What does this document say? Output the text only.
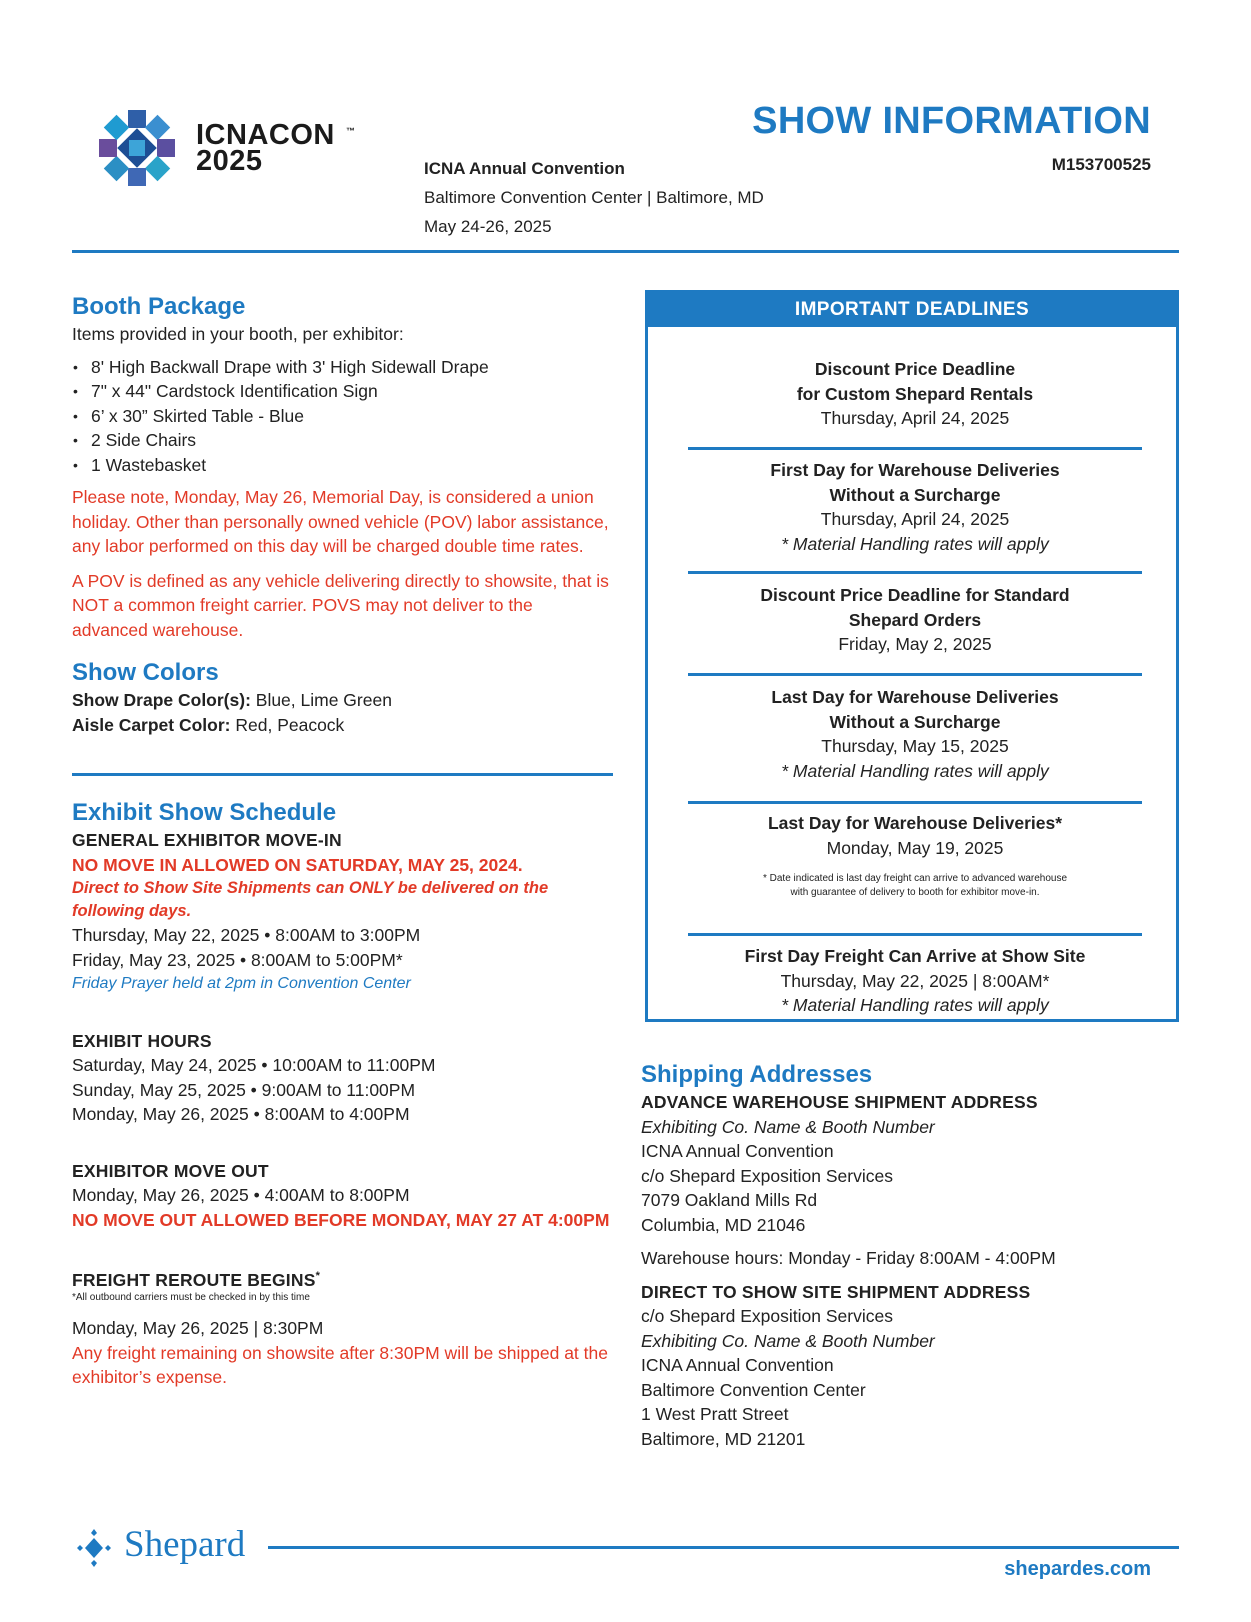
ICNACON
2025
™	SHOW INFORMATION
M153700525
ICNA Annual Convention
Baltimore Convention Center | Baltimore, MD
May 24-26, 2025
Booth Package

Items provided in your booth, per exhibitor:

• 8' High Backwall Drape with 3' High Sidewall Drape
• 7" x 44" Cardstock Identification Sign
• 6’ x 30” Skirted Table - Blue
• 2 Side Chairs
• 1 Wastebasket

Please note, Monday, May 26, Memorial Day, is considered a union holiday. Other than personally owned vehicle (POV) labor assistance, any labor performed on this day will be charged double time rates.

A POV is defined as any vehicle delivering directly to showsite, that is NOT a common freight carrier. POVS may not deliver to the advanced warehouse.

Show Colors

Show Drape Color(s): Blue, Lime Green

Aisle Carpet Color: Red, Peacock

Exhibit Show Schedule

GENERAL EXHIBITOR MOVE-IN

NO MOVE IN ALLOWED ON SATURDAY, MAY 25, 2024.

Direct to Show Site Shipments can ONLY be delivered on the following days.

Thursday, May 22, 2025 • 8:00AM to 3:00PM

Friday, May 23, 2025 • 8:00AM to 5:00PM*

Friday Prayer held at 2pm in Convention Center

EXHIBIT HOURS

Saturday, May 24, 2025 • 10:00AM to 11:00PM

Sunday, May 25, 2025 • 9:00AM to 11:00PM

Monday, May 26, 2025 • 8:00AM to 4:00PM

EXHIBITOR MOVE OUT

Monday, May 26, 2025 • 4:00AM to 8:00PM

NO MOVE OUT ALLOWED BEFORE MONDAY, MAY 27 AT 4:00PM

FREIGHT REROUTE BEGINS*

*All outbound carriers must be checked in by this time

Monday, May 26, 2025 | 8:30PM

Any freight remaining on showsite after 8:30PM will be shipped at the exhibitor’s expense.

IMPORTANT DEADLINES
Discount Price Deadline
for Custom Shepard Rentals
Thursday, April 24, 2025
First Day for Warehouse Deliveries
Without a Surcharge
Thursday, April 24, 2025
* Material Handling rates will apply
Discount Price Deadline for Standard
Shepard Orders
Friday, May 2, 2025
Last Day for Warehouse Deliveries
Without a Surcharge
Thursday, May 15, 2025
* Material Handling rates will apply
Last Day for Warehouse Deliveries*
Monday, May 19, 2025
* Date indicated is last day freight can arrive to advanced warehouse
with guarantee of delivery to booth for exhibitor move-in.
First Day Freight Can Arrive at Show Site
Thursday, May 22, 2025 | 8:00AM*
* Material Handling rates will apply
Shipping Addresses

ADVANCE WAREHOUSE SHIPMENT ADDRESS

Exhibiting Co. Name & Booth Number

ICNA Annual Convention

c/o Shepard Exposition Services

7079 Oakland Mills Rd

Columbia, MD 21046

Warehouse hours: Monday - Friday 8:00AM - 4:00PM

DIRECT TO SHOW SITE SHIPMENT ADDRESS

c/o Shepard Exposition Services

Exhibiting Co. Name & Booth Number

ICNA Annual Convention

Baltimore Convention Center

1 West Pratt Street

Baltimore, MD 21201

Shepard
shepardes.com
